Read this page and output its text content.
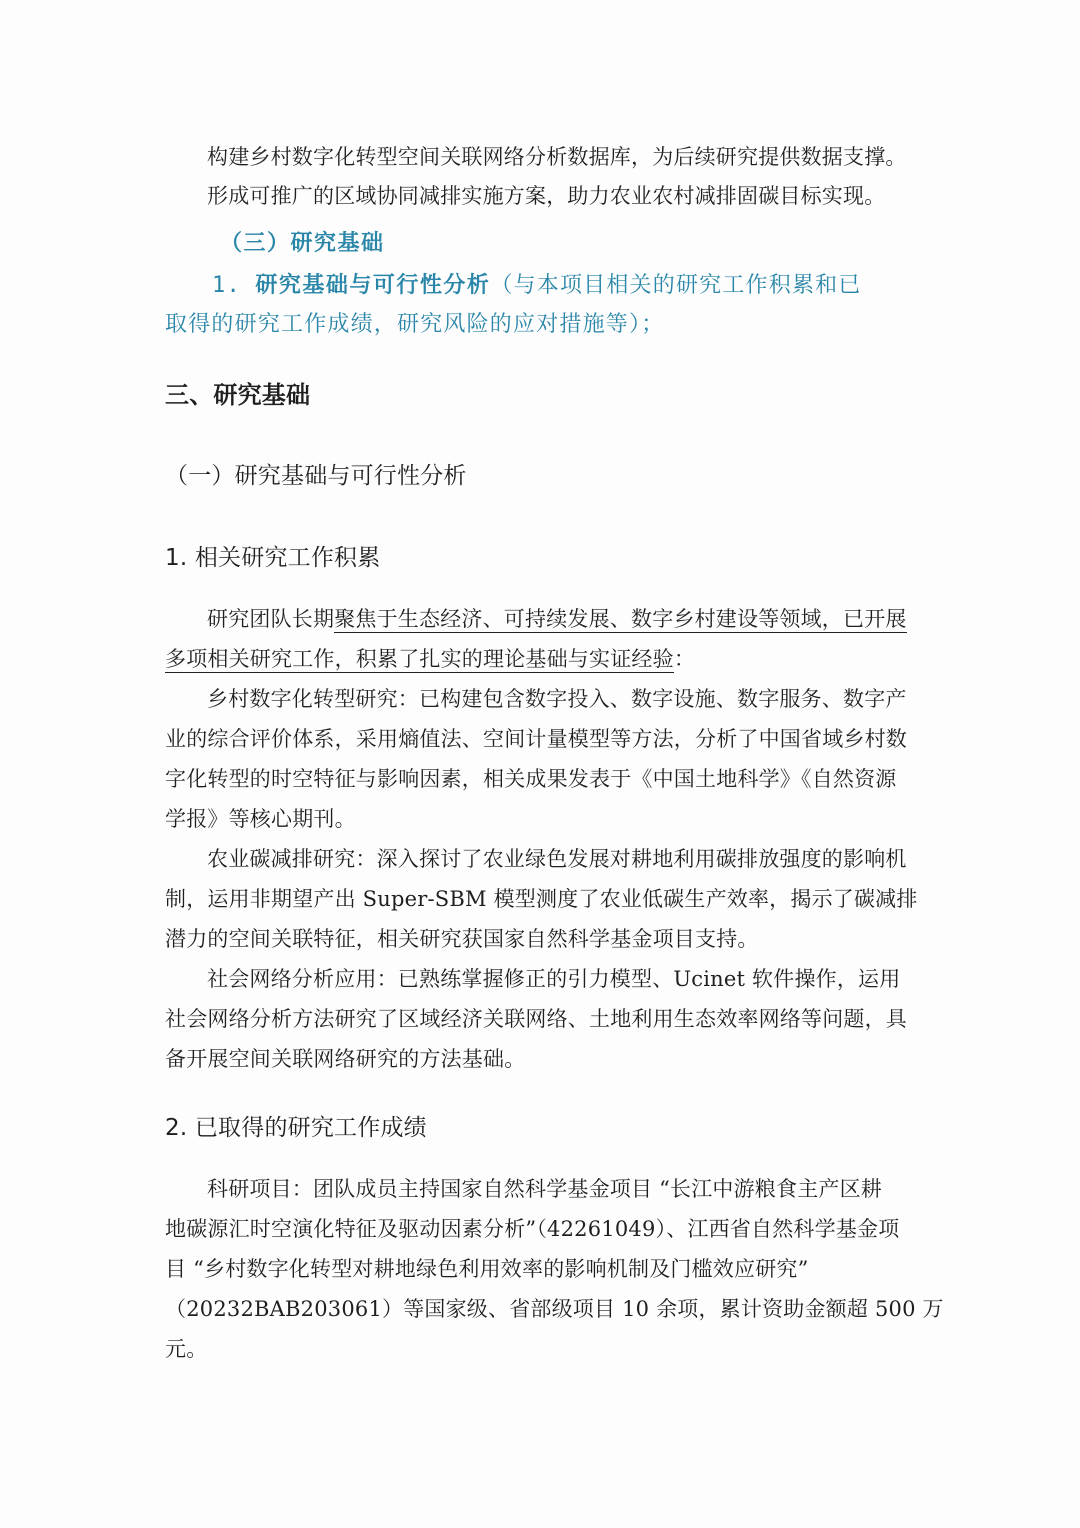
构建乡村数字化转型空间关联网络分析数据库，为后续研究提供数据支撑。
形成可推广的区域协同减排实施方案，助力农业农村减排固碳目标实现。
（三）研究基础
1. 研究基础与可行性分析（与本项目相关的研究工作积累和已
取得的研究工作成绩，研究风险的应对措施等）；
三、研究基础
（一）研究基础与可行性分析
1. 相关研究工作积累
研究团队长期聚焦于生态经济、可持续发展、数字乡村建设等领域，已开展
多项相关研究工作，积累了扎实的理论基础与实证经验：
乡村数字化转型研究：已构建包含数字投入、数字设施、数字服务、数字产
业的综合评价体系，采用熵值法、空间计量模型等方法，分析了中国省域乡村数
字化转型的时空特征与影响因素，相关成果发表于《中国土地科学》《自然资源
学报》等核心期刊。
农业碳减排研究：深入探讨了农业绿色发展对耕地利用碳排放强度的影响机
制，运用非期望产出 Super-SBM 模型测度了农业低碳生产效率，揭示了碳减排
潜力的空间关联特征，相关研究获国家自然科学基金项目支持。
社会网络分析应用：已熟练掌握修正的引力模型、Ucinet 软件操作，运用
社会网络分析方法研究了区域经济关联网络、土地利用生态效率网络等问题，具
备开展空间关联网络研究的方法基础。
2. 已取得的研究工作成绩
科研项目：团队成员主持国家自然科学基金项目 “长江中游粮食主产区耕
地碳源汇时空演化特征及驱动因素分析”（42261049）、江西省自然科学基金项
目 “乡村数字化转型对耕地绿色利用效率的影响机制及门槛效应研究”
（20232BAB203061）等国家级、省部级项目 10 余项，累计资助金额超 500 万
元。
